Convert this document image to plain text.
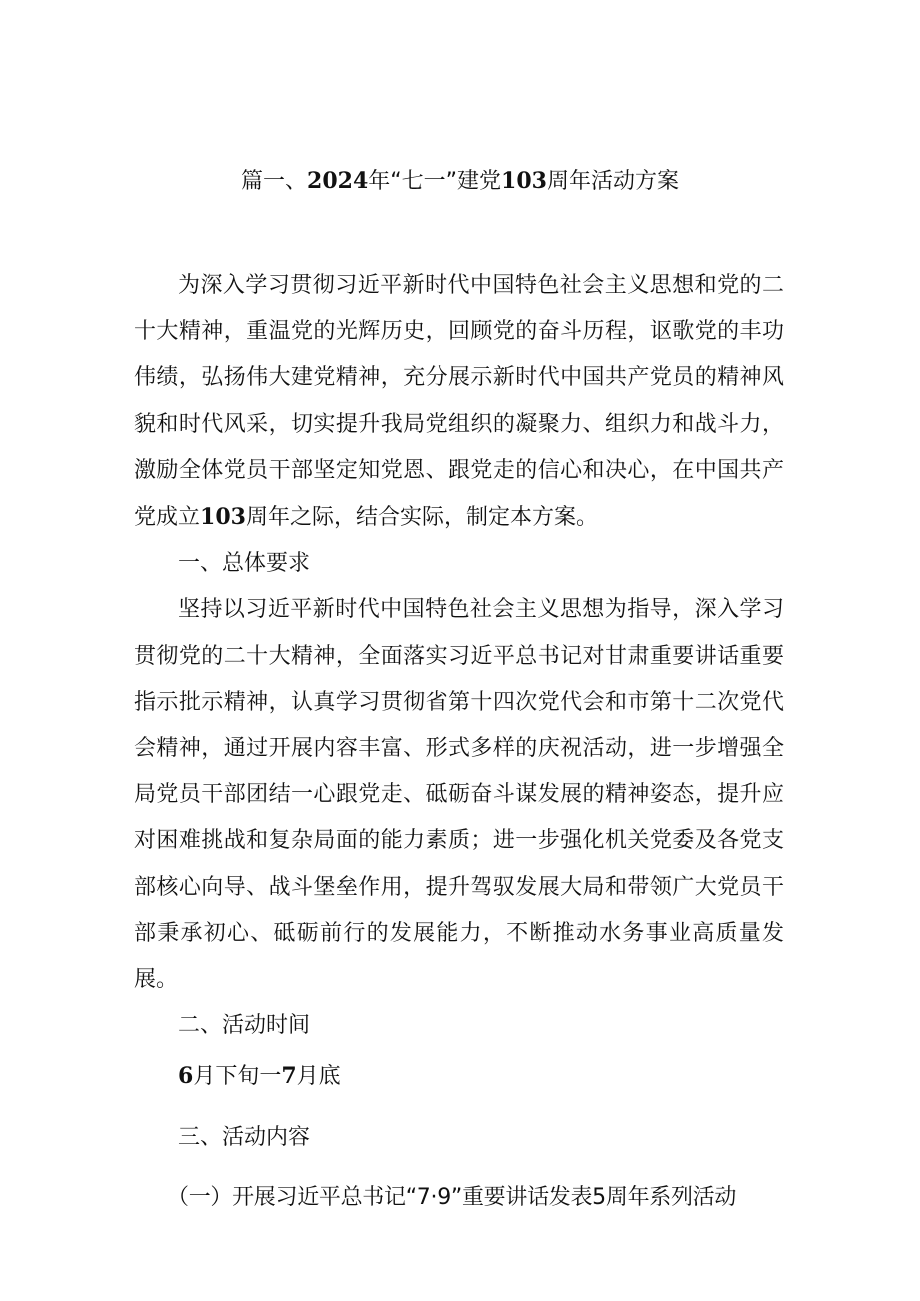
篇一、2024年“七一”建党103周年活动方案

为深入学习贯彻习近平新时代中国特色社会主义思想和党的二十大精神，重温党的光辉历史，回顾党的奋斗历程，讴歌党的丰功伟绩，弘扬伟大建党精神，充分展示新时代中国共产党员的精神风貌和时代风采，切实提升我局党组织的凝聚力、组织力和战斗力，激励全体党员干部坚定知党恩、跟党走的信心和决心，在中国共产党成立103周年之际，结合实际，制定本方案。

一、总体要求

坚持以习近平新时代中国特色社会主义思想为指导，深入学习贯彻党的二十大精神，全面落实习近平总书记对甘肃重要讲话重要指示批示精神，认真学习贯彻省第十四次党代会和市第十二次党代会精神，通过开展内容丰富、形式多样的庆祝活动，进一步增强全局党员干部团结一心跟党走、砥砺奋斗谋发展的精神姿态，提升应对困难挑战和复杂局面的能力素质；进一步强化机关党委及各党支部核心向导、战斗堡垒作用，提升驾驭发展大局和带领广大党员干部秉承初心、砥砺前行的发展能力，不断推动水务事业高质量发展。

二、活动时间

6月下旬一7月底

三、活动内容

（一）开展习近平总书记“7·9”重要讲话发表5周年系列活动
